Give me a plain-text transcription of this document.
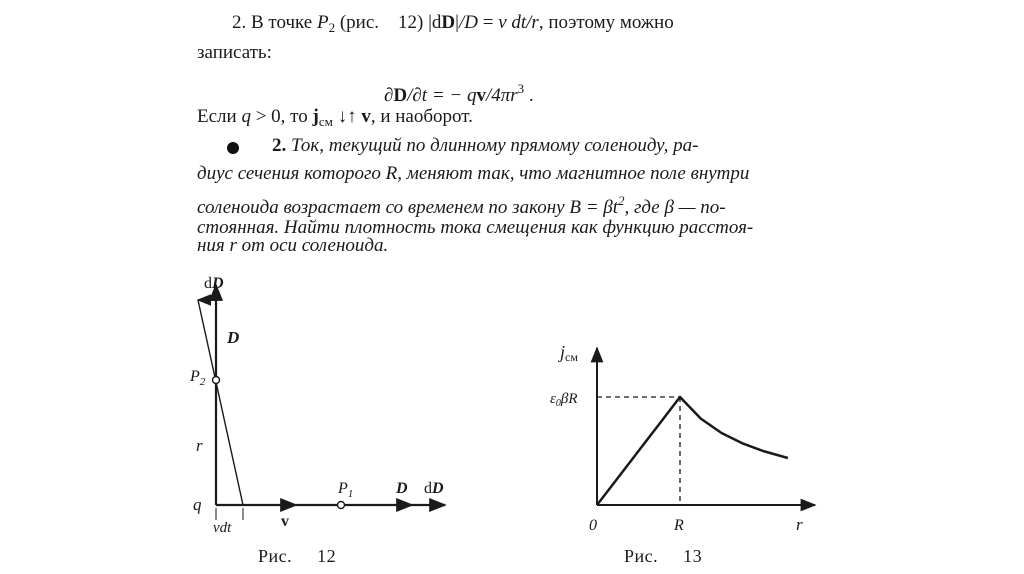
2. В точке $P_2$ (рис. 12) |dD|/D = v dt/r, поэтому можно
записать:
∂D/∂t = − $qv/4\pi r^3$ .
Если q > 0, то $j_{см}$ ↓↑ v, и наоборот.
2. Ток, текущий по длинному прямому соленоиду, ра-
диус сечения которого R, меняют так, что магнитное поле внутри
соленоида возрастает со временем по закону $B = \beta t^2$, где β — по-
стоянная. Найти плотность тока смещения как функцию расстоя-
ния r от оси соленоида.
dD
D
$P_2$
r
q
vdt	v
$P_1$	D dD
jсм
$\varepsilon_0\beta R$
0	R	r
Рис. 12	Рис. 13
